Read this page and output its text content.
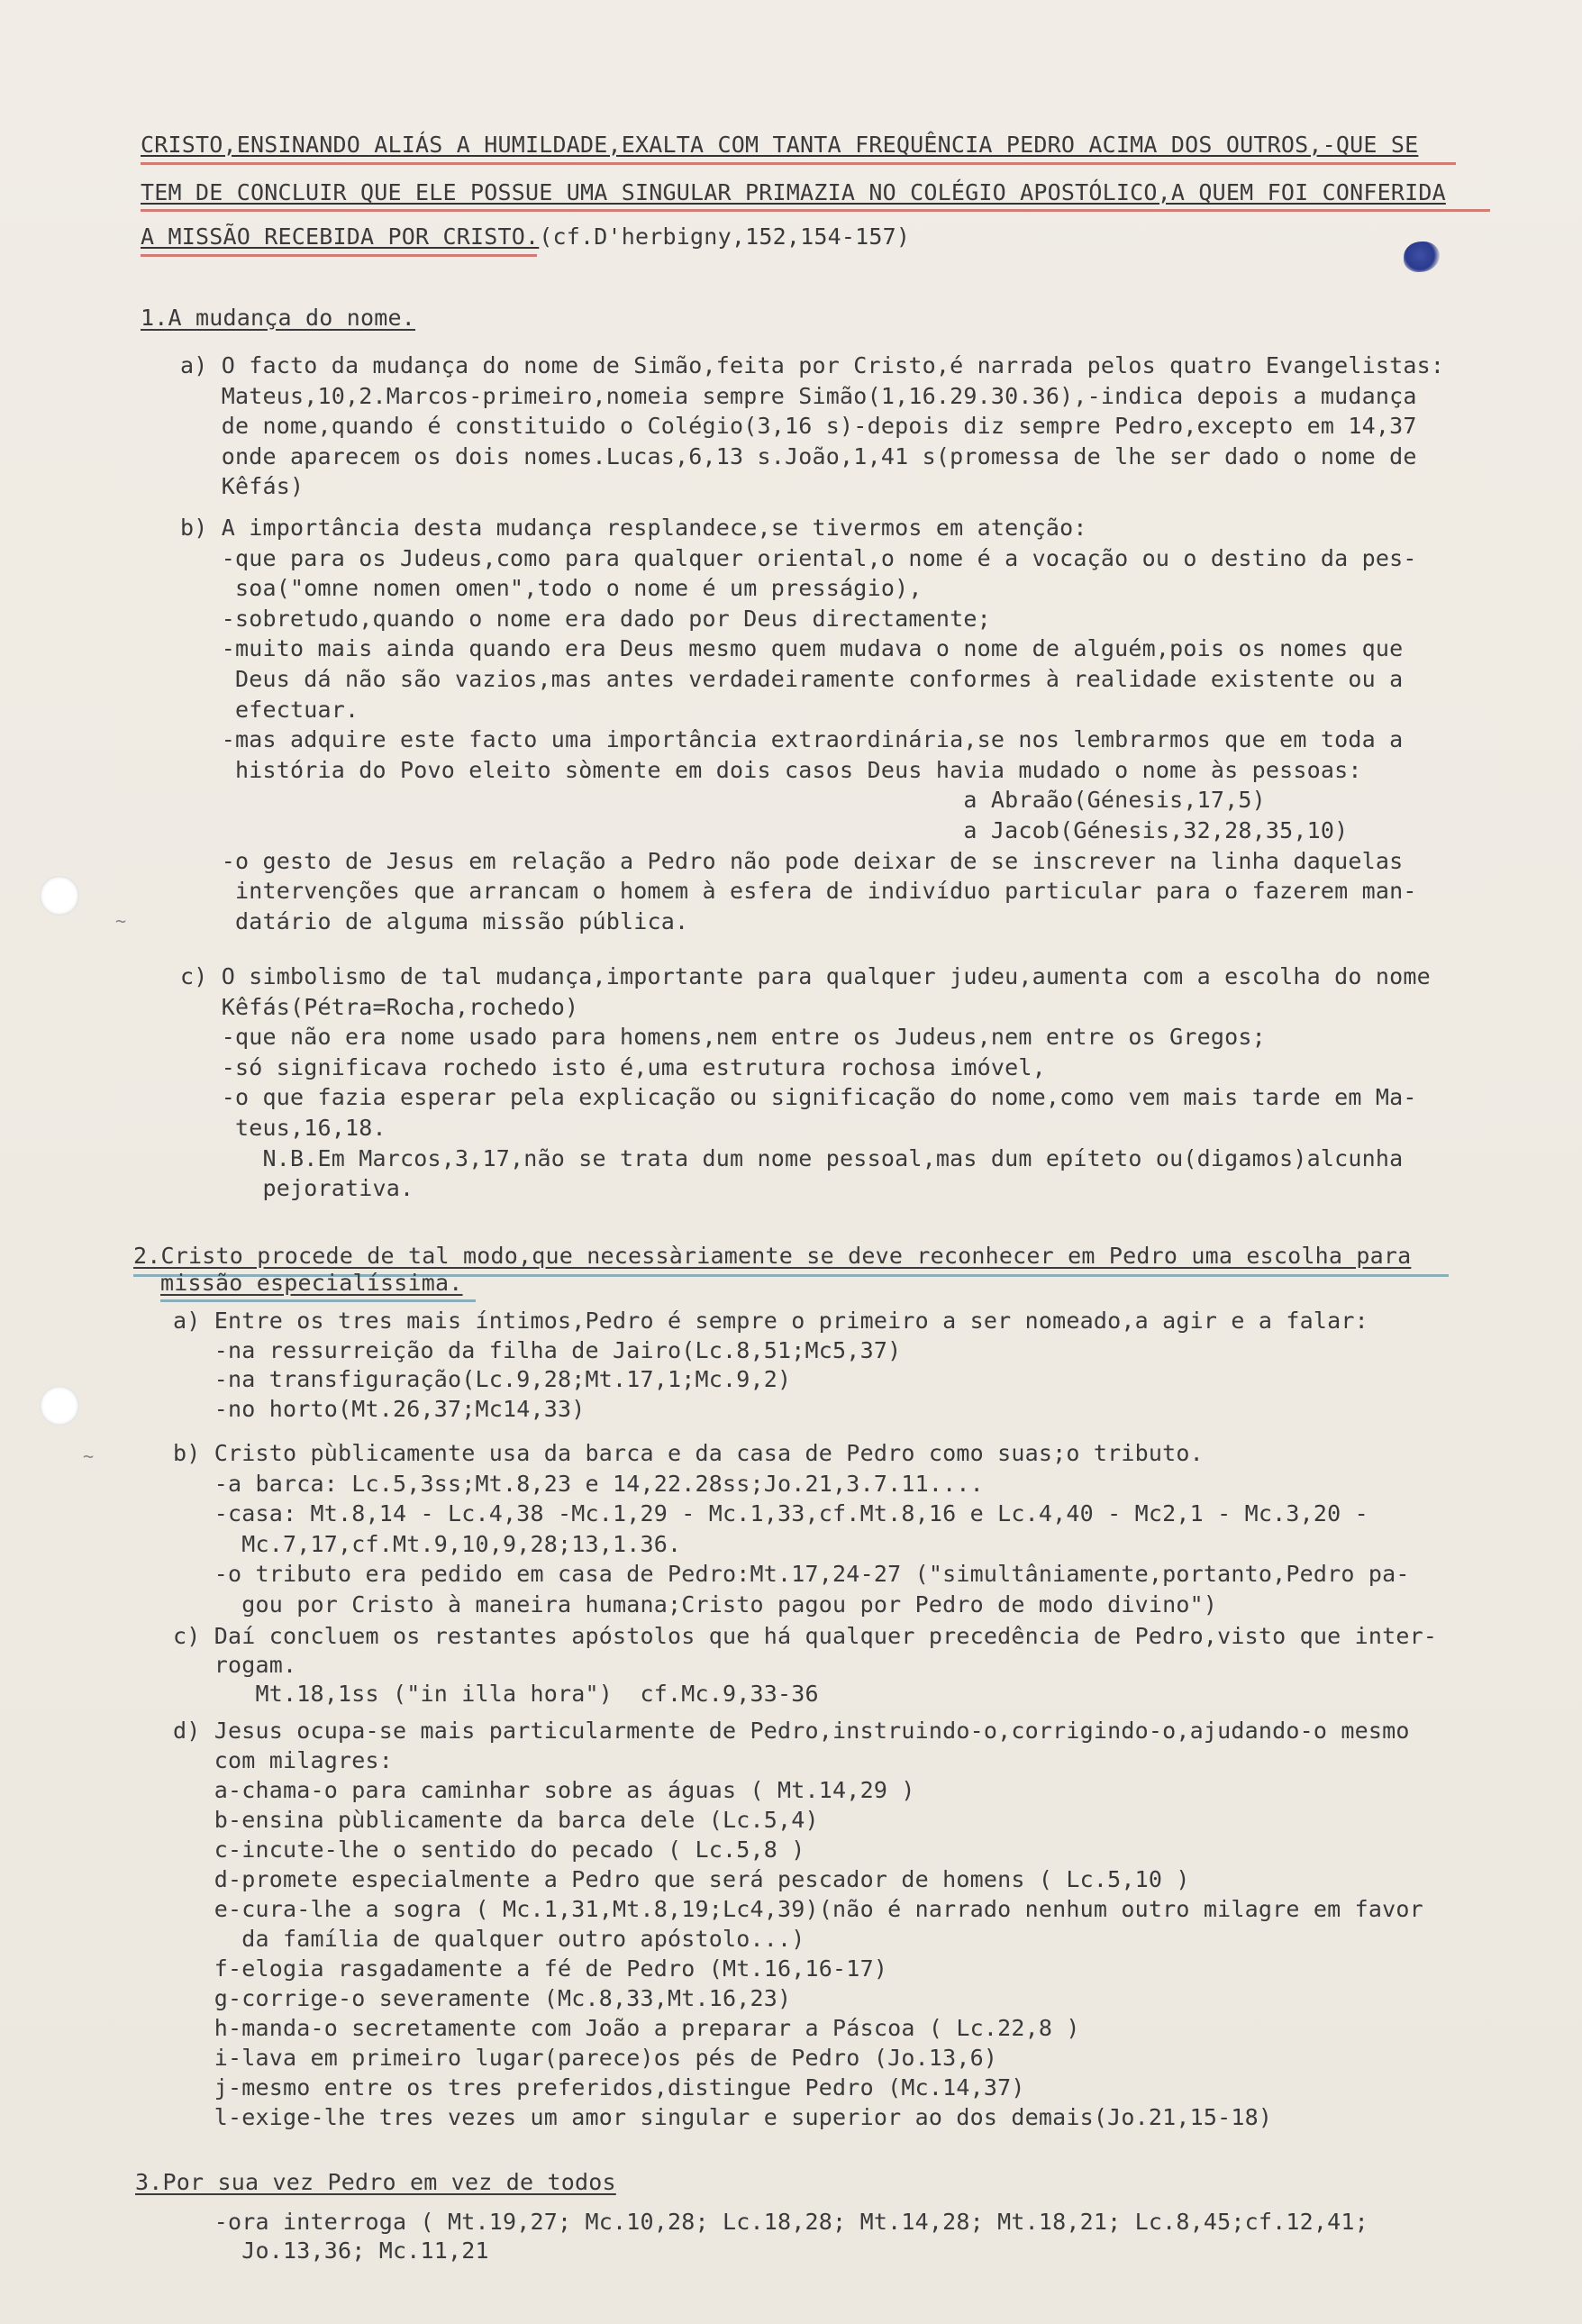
~
~
CRISTO,ENSINANDO ALIÁS A HUMILDADE,EXALTA COM TANTA FREQUÊNCIA PEDRO ACIMA DOS OUTROS,-QUE SE
TEM DE CONCLUIR QUE ELE POSSUE UMA SINGULAR PRIMAZIA NO COLÉGIO APOSTÓLICO,A QUEM FOI CONFERIDA
A MISSÃO RECEBIDA POR CRISTO.(cf.D'herbigny,152,154-157)
1.A mudança do nome.
a) O facto da mudança do nome de Simão,feita por Cristo,é narrada pelos quatro Evangelistas:
Mateus,10,2.Marcos-primeiro,nomeia sempre Simão(1,16.29.30.36),-indica depois a mudança
de nome,quando é constituido o Colégio(3,16 s)-depois diz sempre Pedro,excepto em 14,37
onde aparecem os dois nomes.Lucas,6,13 s.João,1,41 s(promessa de lhe ser dado o nome de
Kêfás)
b) A importância desta mudança resplandece,se tivermos em atenção:
-que para os Judeus,como para qualquer oriental,o nome é a vocação ou o destino da pes-
soa("omne nomen omen",todo o nome é um presságio),
-sobretudo,quando o nome era dado por Deus directamente;
-muito mais ainda quando era Deus mesmo quem mudava o nome de alguém,pois os nomes que
Deus dá não são vazios,mas antes verdadeiramente conformes à realidade existente ou a
efectuar.
-mas adquire este facto uma importância extraordinária,se nos lembrarmos que em toda a
história do Povo eleito sòmente em dois casos Deus havia mudado o nome às pessoas:
a Abraão(Génesis,17,5)
a Jacob(Génesis,32,28,35,10)
-o gesto de Jesus em relação a Pedro não pode deixar de se inscrever na linha daquelas
intervenções que arrancam o homem à esfera de indivíduo particular para o fazerem man-
datário de alguma missão pública.
c) O simbolismo de tal mudança,importante para qualquer judeu,aumenta com a escolha do nome
Kêfás(Pétra=Rocha,rochedo)
-que não era nome usado para homens,nem entre os Judeus,nem entre os Gregos;
-só significava rochedo isto é,uma estrutura rochosa imóvel,
-o que fazia esperar pela explicação ou significação do nome,como vem mais tarde em Ma-
teus,16,18.
N.B.Em Marcos,3,17,não se trata dum nome pessoal,mas dum epíteto ou(digamos)alcunha
pejorativa.
2.Cristo procede de tal modo,que necessàriamente se deve reconhecer em Pedro uma escolha para
missão especialíssima.
a) Entre os tres mais íntimos,Pedro é sempre o primeiro a ser nomeado,a agir e a falar:
-na ressurreição da filha de Jairo(Lc.8,51;Mc5,37)
-na transfiguração(Lc.9,28;Mt.17,1;Mc.9,2)
-no horto(Mt.26,37;Mc14,33)
b) Cristo pùblicamente usa da barca e da casa de Pedro como suas;o tributo.
-a barca: Lc.5,3ss;Mt.8,23 e 14,22.28ss;Jo.21,3.7.11....
-casa: Mt.8,14 - Lc.4,38 -Mc.1,29 - Mc.1,33,cf.Mt.8,16 e Lc.4,40 - Mc2,1 - Mc.3,20 -
Mc.7,17,cf.Mt.9,10,9,28;13,1.36.
-o tributo era pedido em casa de Pedro:Mt.17,24-27 ("simultâniamente,portanto,Pedro pa-
gou por Cristo à maneira humana;Cristo pagou por Pedro de modo divino")
c) Daí concluem os restantes apóstolos que há qualquer precedência de Pedro,visto que inter-
rogam.
Mt.18,1ss ("in illa hora")  cf.Mc.9,33-36
d) Jesus ocupa-se mais particularmente de Pedro,instruindo-o,corrigindo-o,ajudando-o mesmo
com milagres:
a-chama-o para caminhar sobre as águas ( Mt.14,29 )
b-ensina pùblicamente da barca dele (Lc.5,4)
c-incute-lhe o sentido do pecado ( Lc.5,8 )
d-promete especialmente a Pedro que será pescador de homens ( Lc.5,10 )
e-cura-lhe a sogra ( Mc.1,31,Mt.8,19;Lc4,39)(não é narrado nenhum outro milagre em favor
da família de qualquer outro apóstolo...)
f-elogia rasgadamente a fé de Pedro (Mt.16,16-17)
g-corrige-o severamente (Mc.8,33,Mt.16,23)
h-manda-o secretamente com João a preparar a Páscoa ( Lc.22,8 )
i-lava em primeiro lugar(parece)os pés de Pedro (Jo.13,6)
j-mesmo entre os tres preferidos,distingue Pedro (Mc.14,37)
l-exige-lhe tres vezes um amor singular e superior ao dos demais(Jo.21,15-18)
3.Por sua vez Pedro em vez de todos
-ora interroga ( Mt.19,27; Mc.10,28; Lc.18,28; Mt.14,28; Mt.18,21; Lc.8,45;cf.12,41;
Jo.13,36; Mc.11,21
